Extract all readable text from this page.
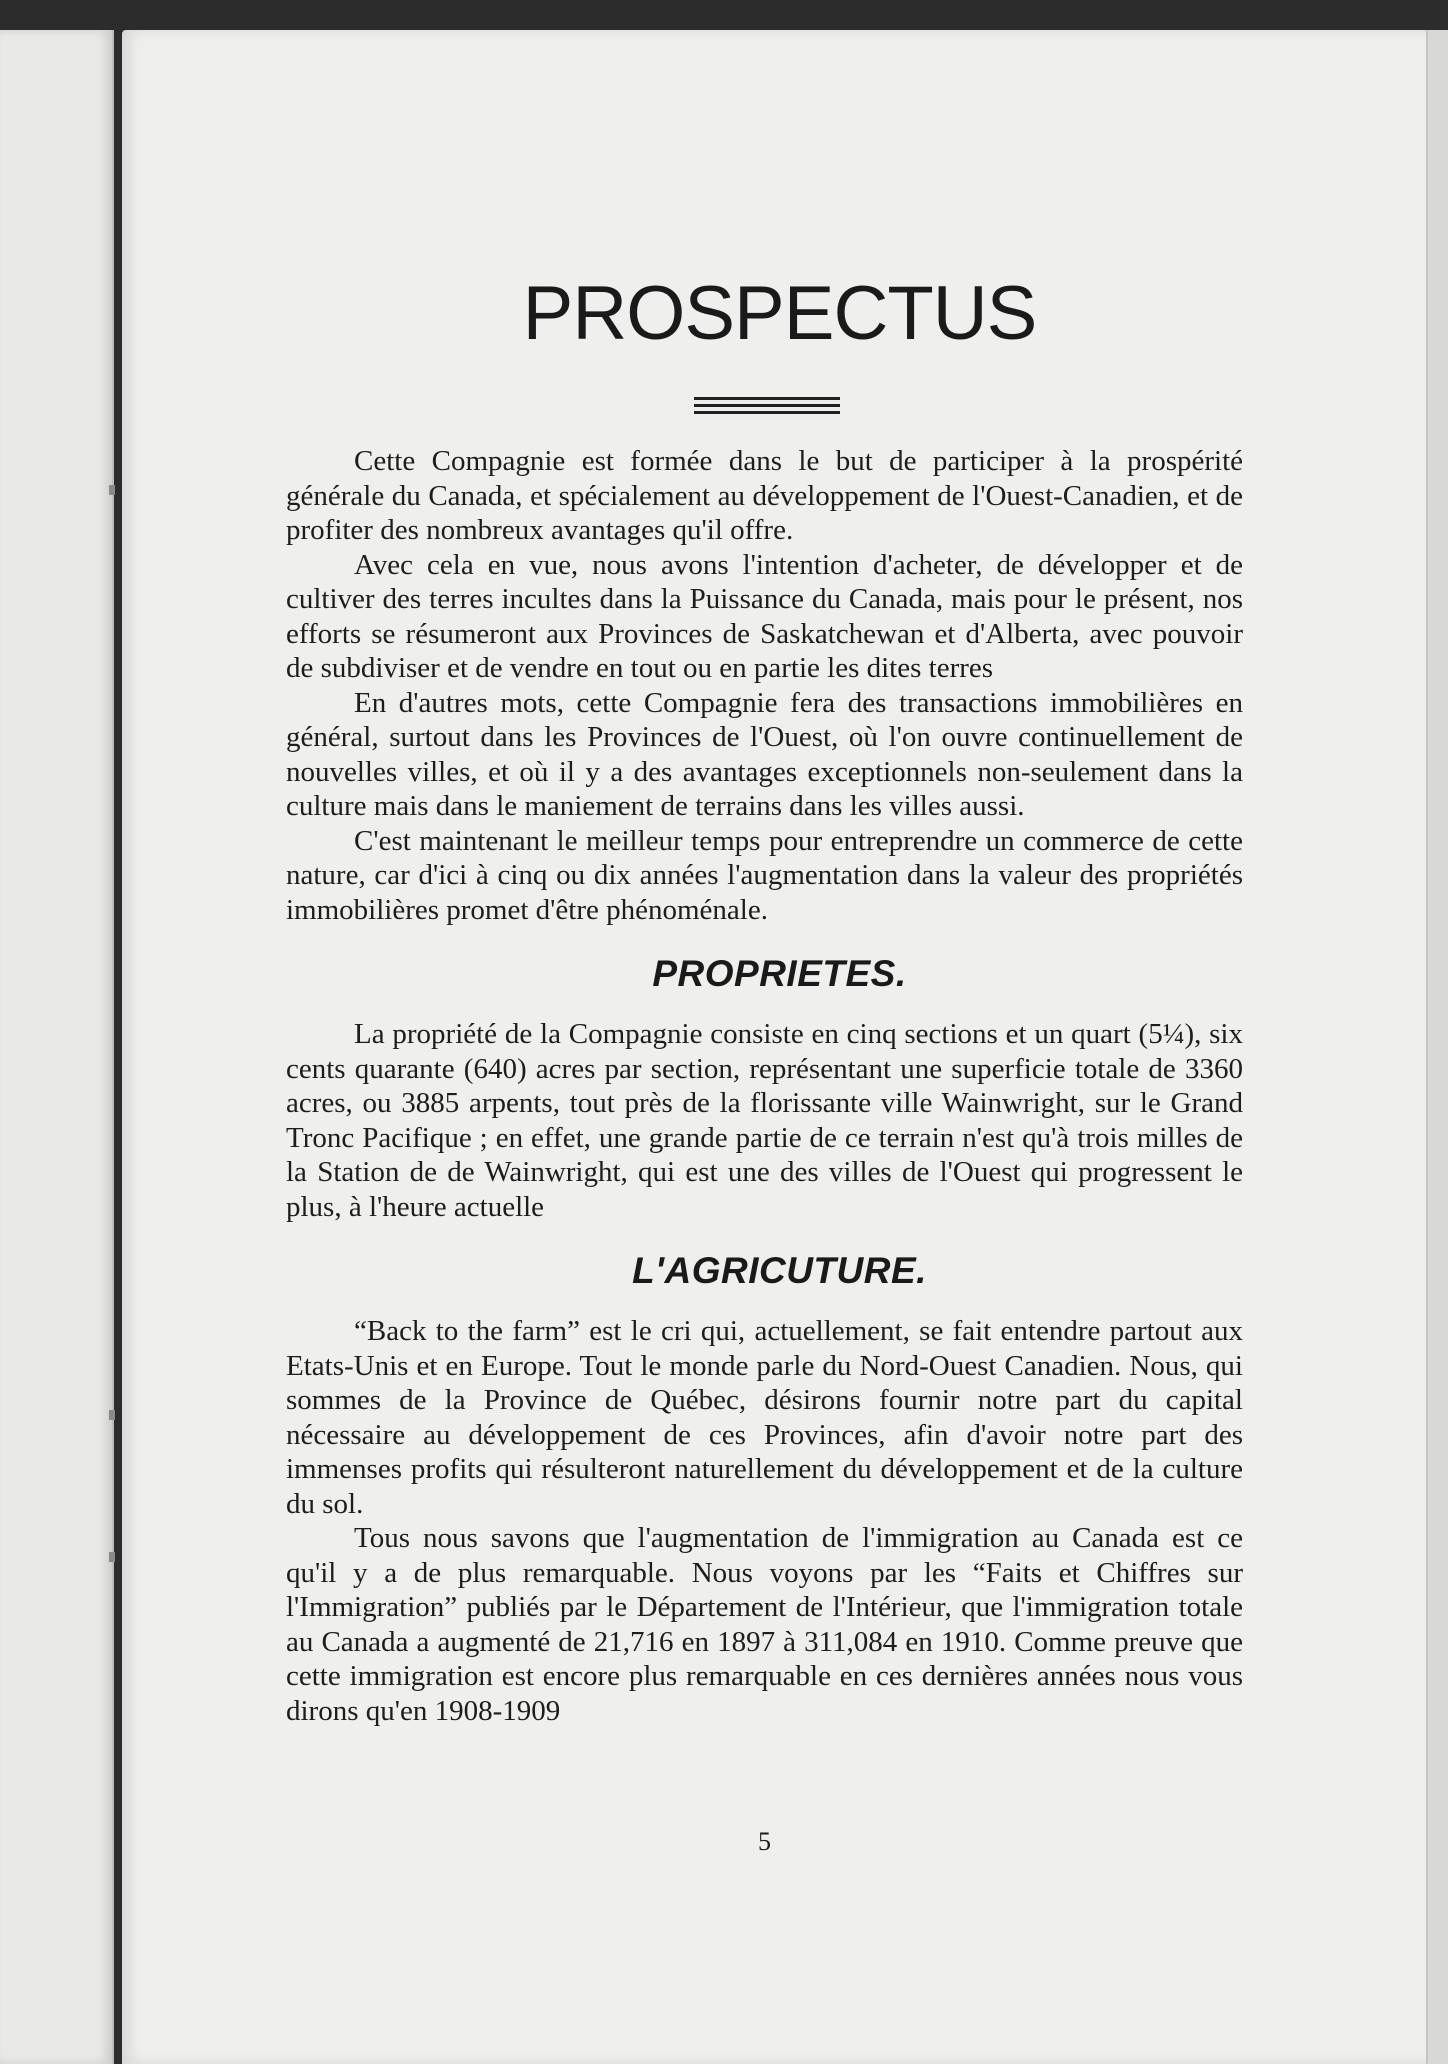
PROSPECTUS

Cette Compagnie est formée dans le but de participer à la prospérité générale du Canada, et spécialement au développement de l'Ouest-Canadien, et de profiter des nombreux avantages qu'il offre.

Avec cela en vue, nous avons l'intention d'acheter, de développer et de cultiver des terres incultes dans la Puissance du Canada, mais pour le présent, nos efforts se résumeront aux Provinces de Saskatchewan et d'Alberta, avec pouvoir de subdiviser et de vendre en tout ou en partie les dites terres

En d'autres mots, cette Compagnie fera des transactions immobilières en général, surtout dans les Provinces de l'Ouest, où l'on ouvre continuellement de nouvelles villes, et où il y a des avantages exceptionnels non-seulement dans la culture mais dans le maniement de terrains dans les villes aussi.

C'est maintenant le meilleur temps pour entreprendre un commerce de cette nature, car d'ici à cinq ou dix années l'augmentation dans la valeur des propriétés immobilières promet d'être phénoménale.

PROPRIETES.

La propriété de la Compagnie consiste en cinq sections et un quart (5¼), six cents quarante (640) acres par section, représentant une superficie totale de 3360 acres, ou 3885 arpents, tout près de la florissante ville Wainwright, sur le Grand Tronc Pacifique ; en effet, une grande partie de ce terrain n'est qu'à trois milles de la Station de de Wainwright, qui est une des villes de l'Ouest qui progressent le plus, à l'heure actuelle

L'AGRICUTURE.

“Back to the farm” est le cri qui, actuellement, se fait entendre partout aux Etats-Unis et en Europe. Tout le monde parle du Nord-Ouest Canadien. Nous, qui sommes de la Province de Québec, désirons fournir notre part du capital nécessaire au développement de ces Provinces, afin d'avoir notre part des immenses profits qui résulteront naturellement du développement et de la culture du sol.

Tous nous savons que l'augmentation de l'immigration au Canada est ce qu'il y a de plus remarquable. Nous voyons par les “Faits et Chiffres sur l'Immigration” publiés par le Département de l'Intérieur, que l'immigration totale au Canada a augmenté de 21,716 en 1897 à 311,084 en 1910. Comme preuve que cette immigration est encore plus remarquable en ces dernières années nous vous dirons qu'en 1908-1909

5
